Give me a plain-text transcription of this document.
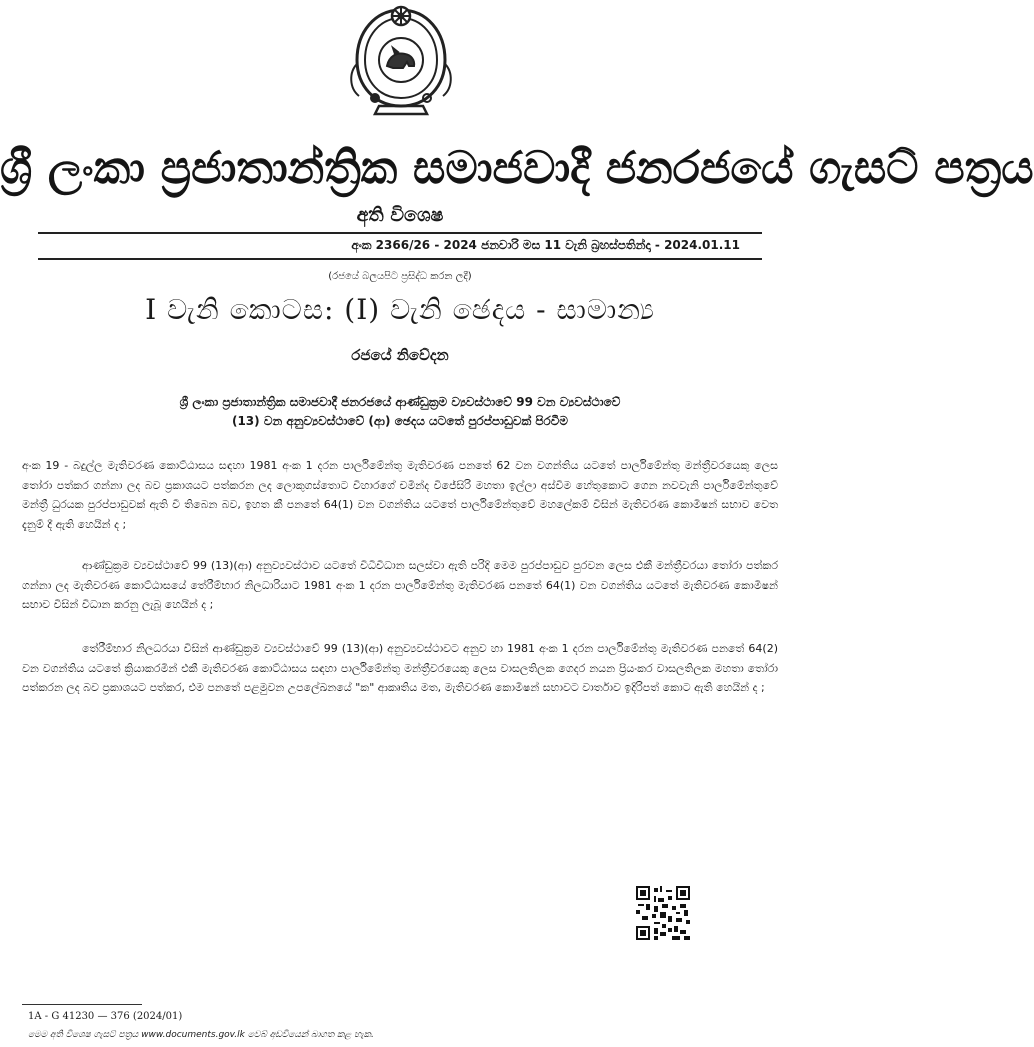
ශ්‍රී ලංකා ප්‍රජාතාන්ත්‍රික සමාජවාදී ජනරජයේ ගැසට් පත්‍රය
අති විශෙෂ
අංක 2366/26 - 2024 ජනවාරි මස 11 වැනි බ්‍රහස්පතින්දා - 2024.01.11
(රජයේ බලයපිට ප්‍රසිද්ධ කරන ලදී)
I වැනි කොටස: (I) වැනි ඡෙදය - සාමාන්‍ය
රජයේ නිවේදන
ශ්‍රී ලංකා ප්‍රජාතාන්ත්‍රික සමාජවාදී ජනරජයේ ආණ්ඩුක්‍රම ව්‍යවස්ථාවේ 99 වන ව්‍යවස්ථාවේ
(13) වන අනුව්‍යවස්ථාවේ (ආ) ඡෙදය යටතේ පුරප්පාඩුවක් පිරවීම

අංක 19 - බදුල්ල මැතිවරණ කොට්ඨාසය සඳහා 1981 අංක 1 දරන පාර්ලිමේන්තු මැතිවරණ පනතේ 62 වන වගන්තිය යටතේ පාර්ලිමේන්තු මන්ත්‍රීවරයෙකු ලෙස තෝරා පත්කර ගන්නා ලද බව ප්‍රකාශයට පත්කරන ලද ලොකුගස්තොට විහාරගේ චමින්ද විජේසිරි මහතා ඉල්ලා අස්වීම හේතුකොට ගෙන නවවැනි පාර්ලිමේන්තුවේ මන්ත්‍රී ධුරයක පුරප්පාඩුවක් ඇති වී තිබෙන බව, ඉහත කී පනතේ 64(1) වන වගන්තිය යටතේ පාර්ලිමේන්තුවේ මහලේකම් විසින් මැතිවරණ කොමිෂන් සභාව වෙත දැනුම් දී ඇති හෙයින් ද ;

ආණ්ඩුක්‍රම ව්‍යවස්ථාවේ 99 (13)(ආ) අනුව්‍යවස්ථාව යටතේ විධිවිධාන සලස්වා ඇති පරිදි මෙම පුරප්පාඩුව පුරවන ලෙස එකී මන්ත්‍රීවරයා තෝරා පත්කර ගන්නා ලද මැතිවරණ කොට්ඨාසයේ තේරීම්භාර නිලධාරියාට 1981 අංක 1 දරන පාර්ලිමේන්තු මැතිවරණ පනතේ 64(1) වන වගන්තිය යටතේ මැතිවරණ කොමිෂන් සභාව විසින් විධාන කරනු ලැබූ හෙයින් ද ;

තේරීම්භාර නිලධරයා විසින් ආණ්ඩුක්‍රම ව්‍යවස්ථාවේ 99 (13)(ආ) අනුව්‍යවස්ථාවට අනුව හා 1981 අංක 1 දරන පාර්ලිමේන්තු මැතිවරණ පනතේ 64(2) වන වගන්තිය යටතේ ක්‍රියාකරමින් එකී මැතිවරණ කොට්ඨාසය සඳහා පාර්ලිමේන්තු මන්ත්‍රීවරයෙකු ලෙස වාසලතිලක ගෙදර නයන ප්‍රියංකර වාසලතිලක මහතා තෝරා පත්කරන ලද බව ප්‍රකාශයට පත්කර, එම පනතේ පළමුවන උපලේඛනයේ "ක" ආකෘතිය මත, මැතිවරණ කොමිෂන් සභාවට වාර්තාව ඉදිරිපත් කොට ඇති හෙයින් ද ;

1A - G 41230 — 376 (2024/01)
මෙම අති විශෙෂ ගැසට් පත්‍රය www.documents.gov.lk වෙබ් අඩවියෙන් බාගත කළ හැක.
